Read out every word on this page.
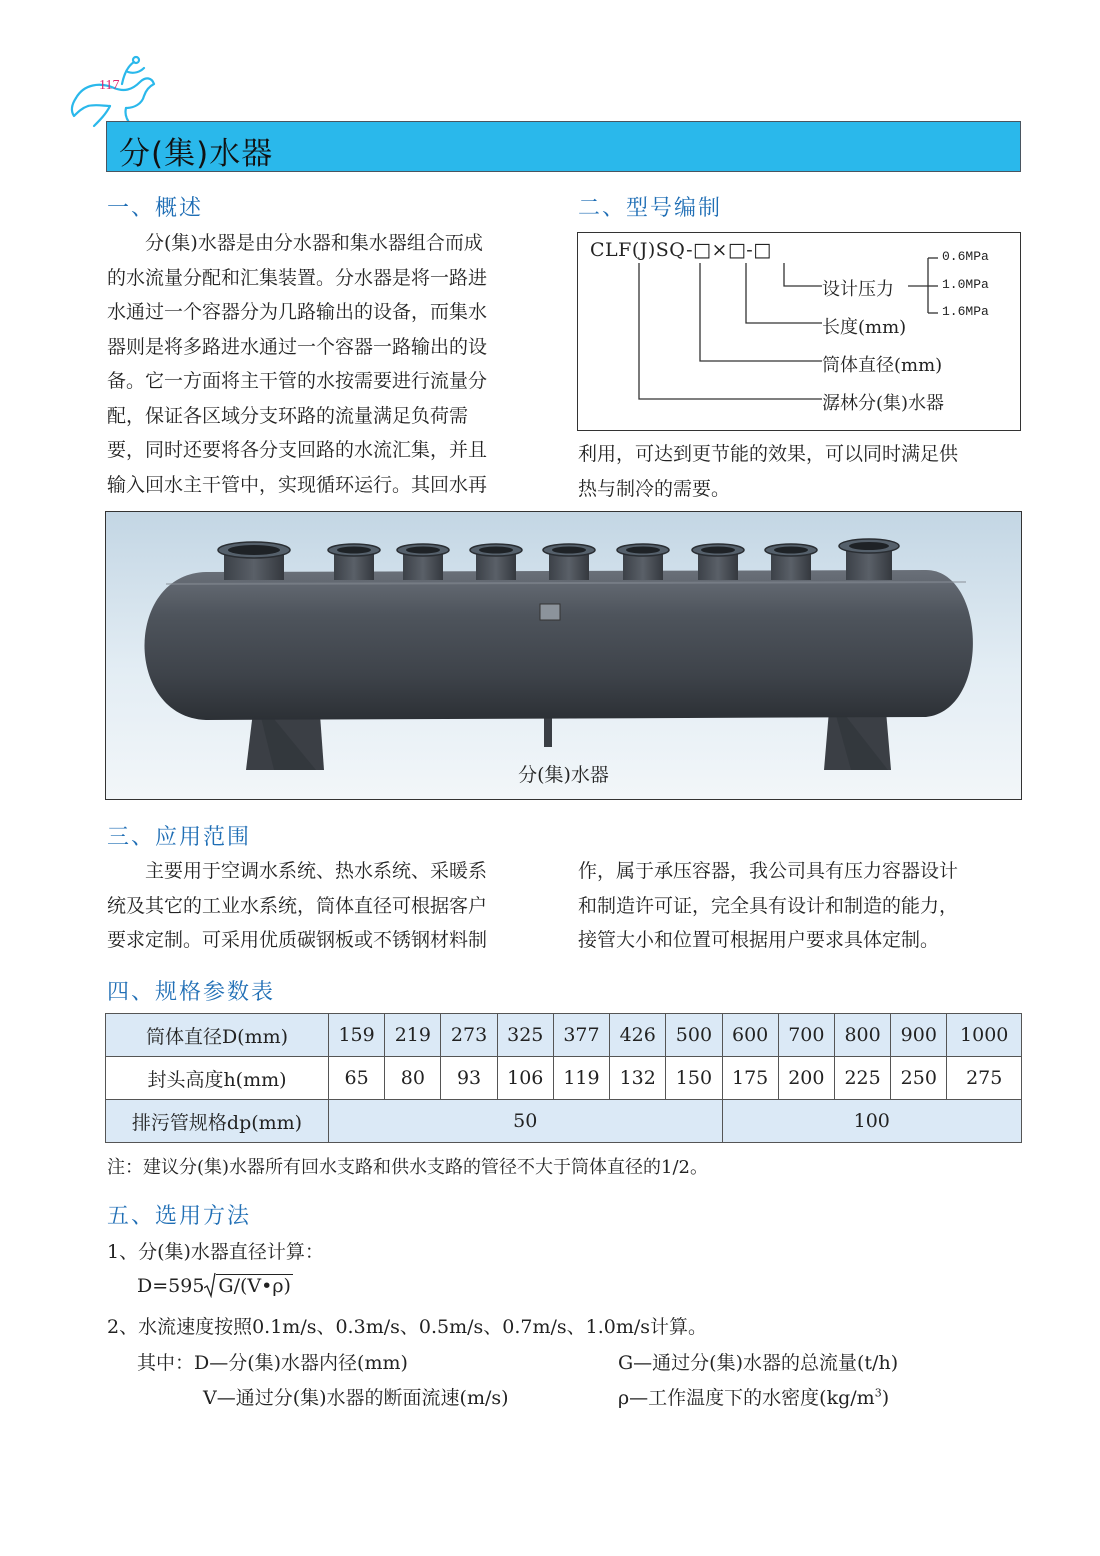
117
分(集)水器
一、概述

　　分(集)水器是由分水器和集水器组合而成

的水流量分配和汇集装置。分水器是将一路进

水通过一个容器分为几路输出的设备，而集水

器则是将多路进水通过一个容器一路输出的设

备。它一方面将主干管的水按需要进行流量分

配，保证各区域分支环路的流量满足负荷需

要，同时还要将各分支回路的水流汇集，并且

输入回水主干管中，实现循环运行。其回水再

二、型号编制
CLF(J)SQ-□×□-□
设计压力
长度(mm)
筒体直径(mm)
潺林分(集)水器
0.6MPa
1.0MPa
1.6MPa

利用，可达到更节能的效果，可以同时满足供

热与制冷的需要。

分(集)水器
三、应用范围

　　主要用于空调水系统、热水系统、采暖系

统及其它的工业水系统，筒体直径可根据客户

要求定制。可采用优质碳钢板或不锈钢材料制

作，属于承压容器，我公司具有压力容器设计

和制造许可证，完全具有设计和制造的能力，

接管大小和位置可根据用户要求具体定制。

四、规格参数表
筒体直径D(mm)	159	219	273	325	377	426	500	600	700	800	900	1000
封头高度h(mm)	65	80	93	106	119	132	150	175	200	225	250	275
排污管规格dp(mm)	50							100				
注：建议分(集)水器所有回水支路和供水支路的管径不大于筒体直径的1/2。
五、选用方法
1、分(集)水器直径计算：
D=595 G/(V•ρ)
2、水流速度按照0.1m/s、0.3m/s、0.5m/s、0.7m/s、1.0m/s计算。
其中：D—分(集)水器内径(mm)	G—通过分(集)水器的总流量(t/h)
V—通过分(集)水器的断面流速(m/s)	ρ—工作温度下的水密度$(kg/m^3)$
